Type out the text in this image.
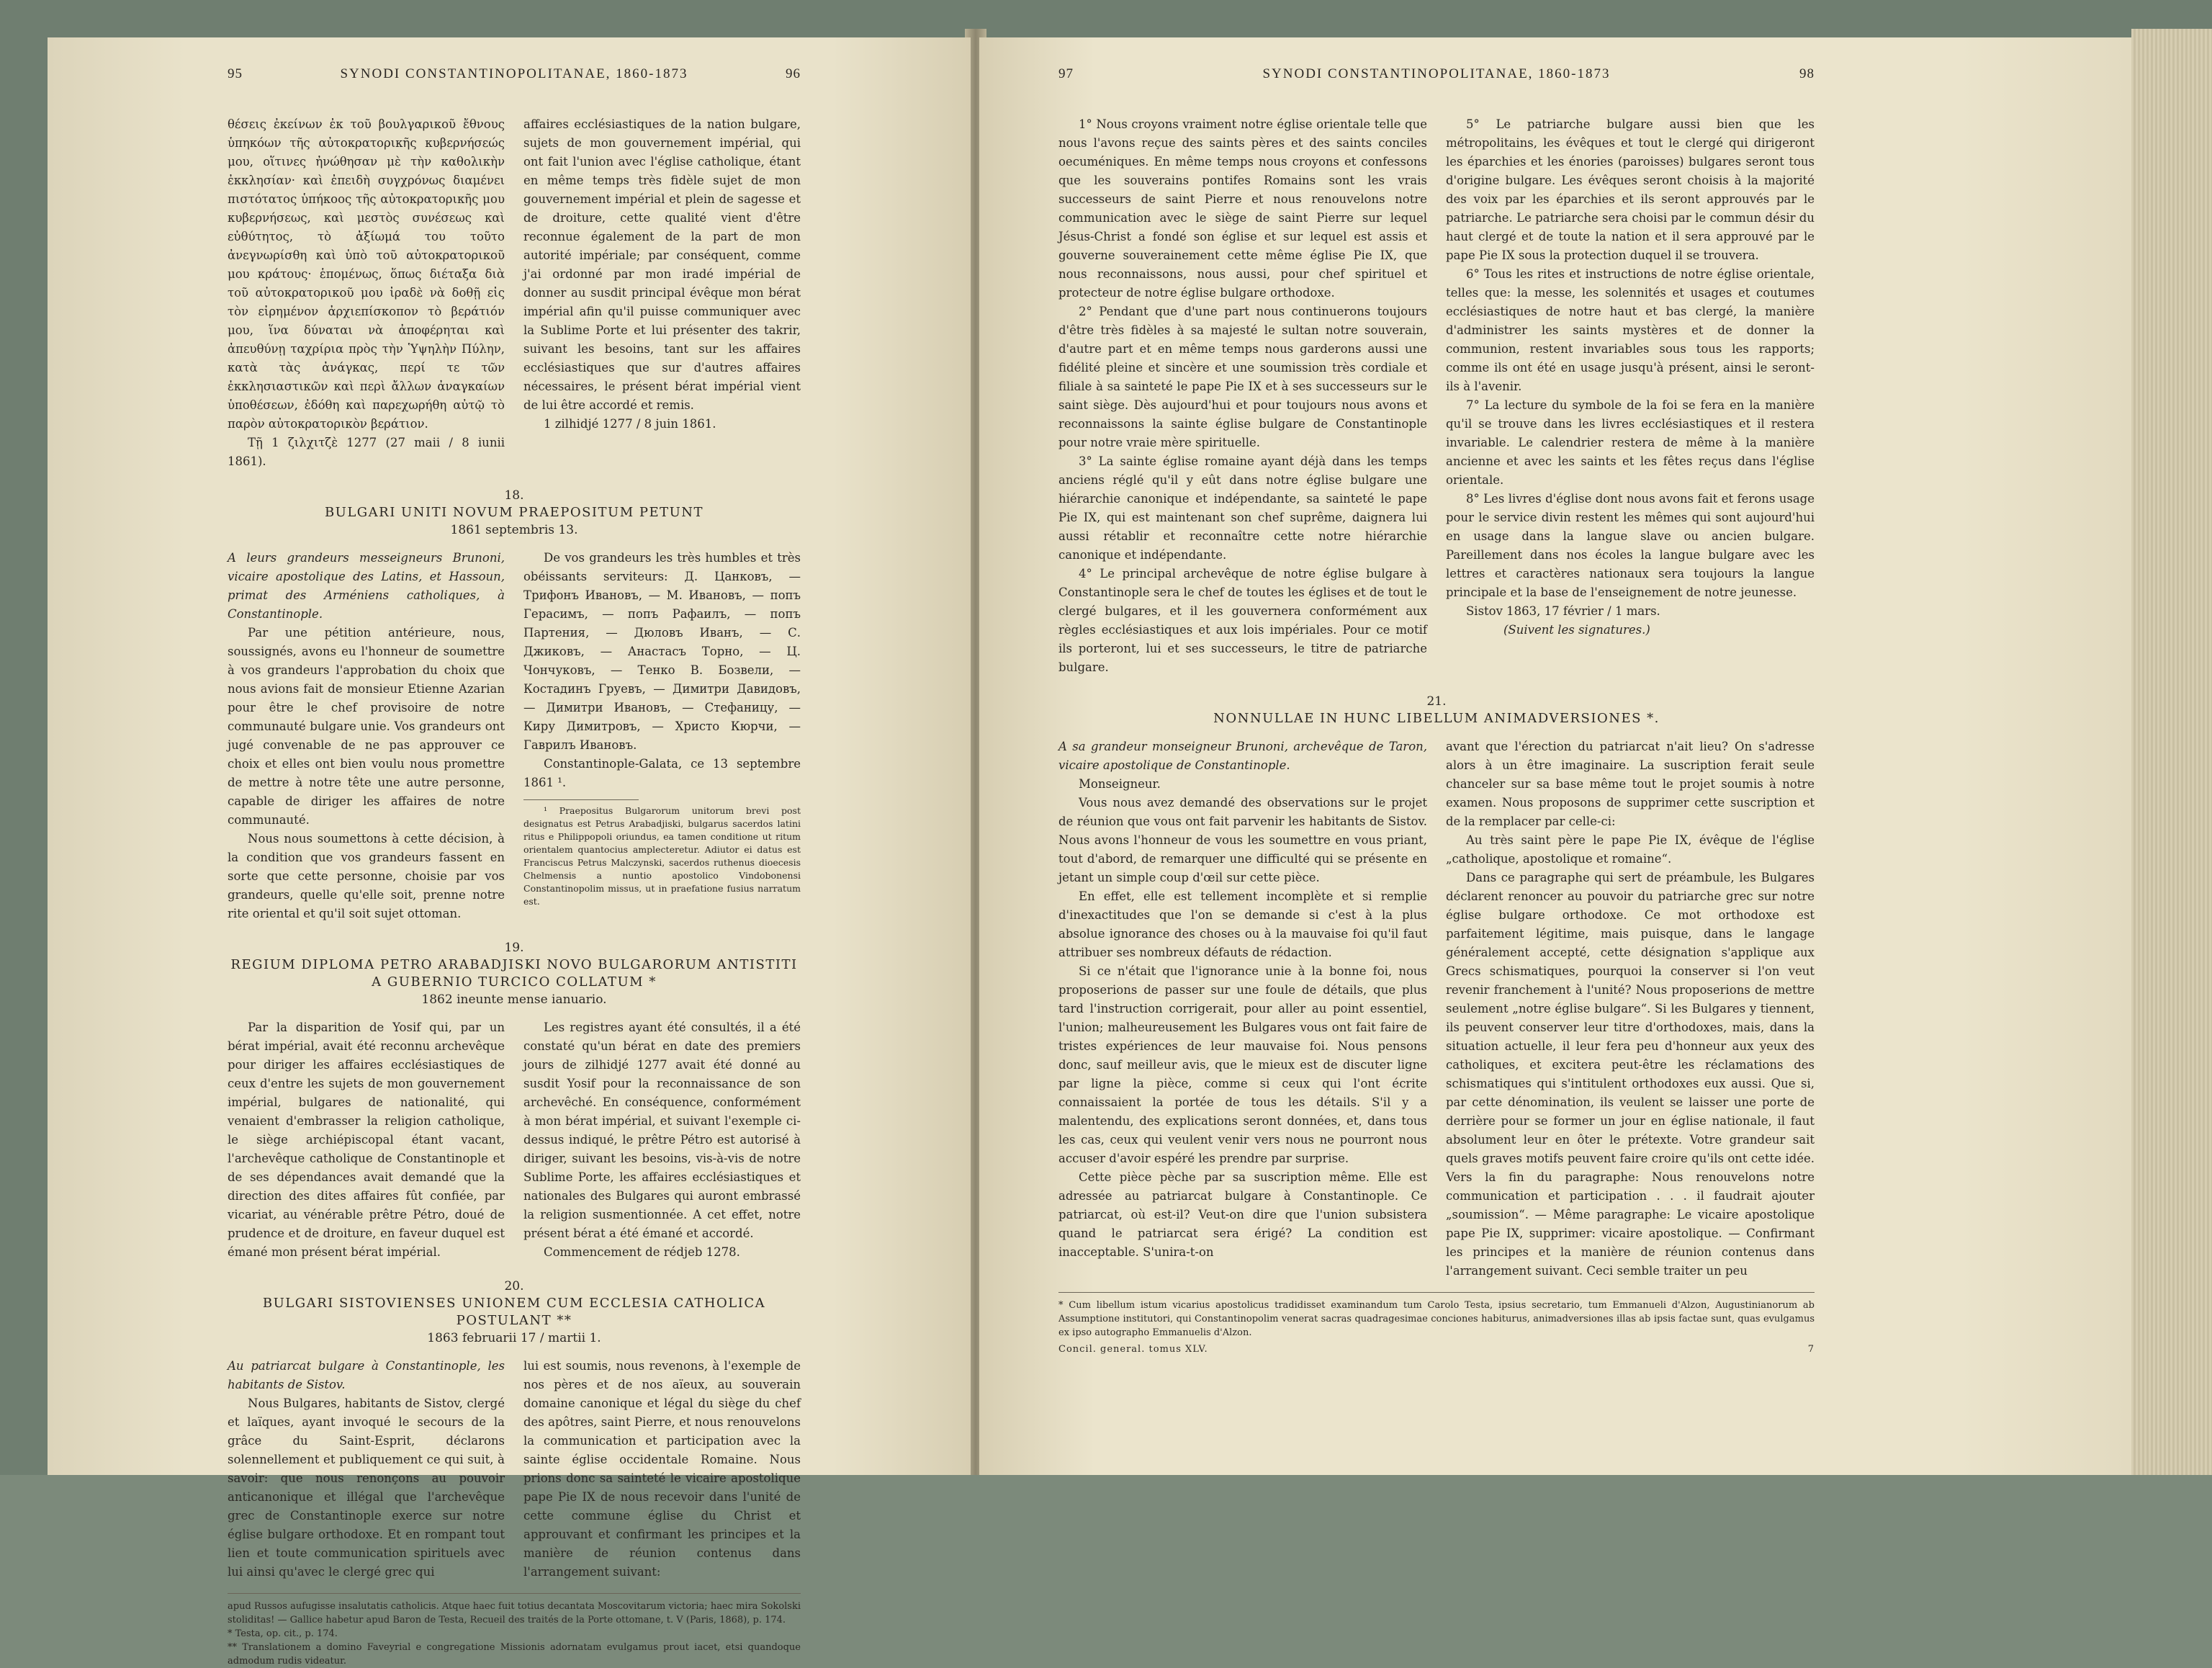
95	SYNODI CONSTANTINOPOLITANAE, 1860-1873	96

θέσεις ἐκείνων ἐκ τοῦ βουλγαρικοῦ ἔθνους ὑπηκόων τῆς αὐτοκρατορικῆς κυβερνήσεώς μου, οἵτινες ἠνώθησαν μὲ τὴν καθολικὴν ἐκκλησίαν· καὶ ἐπειδὴ συγχρόνως διαμένει πιστότατος ὑπήκοος τῆς αὐτοκρατορικῆς μου κυβερνήσεως, καὶ μεστὸς συνέσεως καὶ εὐθύτητος, τὸ ἀξίωμά του τοῦτο ἀνεγνωρίσθη καὶ ὑπὸ τοῦ αὐτοκρατορικοῦ μου κράτους· ἑπομένως, ὅπως διέταξα διὰ τοῦ αὐτοκρατορικοῦ μου ἰραδὲ νὰ δοθῇ εἰς τὸν εἰρημένον ἀρχιεπίσκοπον τὸ βεράτιόν μου, ἵνα δύναται νὰ ἀποφέρηται καὶ ἀπευθύνῃ ταχρίρια πρὸς τὴν Ὑψηλὴν Πύλην, κατὰ τὰς ἀνάγκας, περί τε τῶν ἐκκλησιαστικῶν καὶ περὶ ἄλλων ἀναγκαίων ὑποθέσεων, ἐδόθη καὶ παρεχωρήθη αὐτῷ τὸ παρὸν αὐτοκρατορικὸν βεράτιον.

Τῇ 1 ζιλχιτζὲ 1277 (27 maii / 8 iunii 1861).

affaires ecclésiastiques de la nation bulgare, sujets de mon gouvernement impérial, qui ont fait l'union avec l'église catholique, étant en même temps très fidèle sujet de mon gouvernement impérial et plein de sagesse et de droiture, cette qualité vient d'être reconnue également de la part de mon autorité impériale; par conséquent, comme j'ai ordonné par mon iradé impérial de donner au susdit principal évêque mon bérat impérial afin qu'il puisse communiquer avec la Sublime Porte et lui présenter des takrir, suivant les besoins, tant sur les affaires ecclésiastiques que sur d'autres affaires nécessaires, le présent bérat impérial vient de lui être accordé et remis.

1 zilhidjé 1277 / 8 juin 1861.

18.
BULGARI UNITI NOVUM PRAEPOSITUM PETUNT
1861 septembris 13.

A leurs grandeurs messeigneurs Brunoni, vicaire apostolique des Latins, et Hassoun, primat des Arméniens catholiques, à Constantinople.

Par une pétition antérieure, nous, soussignés, avons eu l'honneur de soumettre à vos grandeurs l'approbation du choix que nous avions fait de monsieur Etienne Azarian pour être le chef provisoire de notre communauté bulgare unie. Vos grandeurs ont jugé convenable de ne pas approuver ce choix et elles ont bien voulu nous promettre de mettre à notre tête une autre personne, capable de diriger les affaires de notre communauté.

Nous nous soumettons à cette décision, à la condition que vos grandeurs fassent en sorte que cette personne, choisie par vos grandeurs, quelle qu'elle soit, prenne notre rite oriental et qu'il soit sujet ottoman.

De vos grandeurs les très humbles et très obéissants serviteurs: Д. Цанковъ, — Трифонъ Ивановъ, — М. Ивановъ, — попъ Герасимъ, — попъ Рафаилъ, — попъ Партения, — Дюловъ Иванъ, — С. Джиковъ, — Анастасъ Торно, — Ц. Чончуковъ, — Тенко В. Бозвели, — Костадинъ Груевъ, — Димитри Давидовъ, — Димитри Ивановъ, — Стефаницу, — Киру Димитровъ, — Христо Кюрчи, — Гаврилъ Ивановъ.

Constantinople-Galata, ce 13 septembre 1861 ¹.

¹ Praepositus Bulgarorum unitorum brevi post designatus est Petrus Arabadjiski, bulgarus sacerdos latini ritus e Philippopoli oriundus, ea tamen conditione ut ritum orientalem quantocius amplecteretur. Adiutor ei datus est Franciscus Petrus Malczynski, sacerdos ruthenus dioecesis Chelmensis a nuntio apostolico Vindobonensi Constantinopolim missus, ut in praefatione fusius narratum est.

19.
REGIUM DIPLOMA PETRO ARABADJISKI NOVO BULGARORUM ANTISTITI A GUBERNIO TURCICO COLLATUM *
1862 ineunte mense ianuario.

Par la disparition de Yosif qui, par un bérat impérial, avait été reconnu archevêque pour diriger les affaires ecclésiastiques de ceux d'entre les sujets de mon gouvernement impérial, bulgares de nationalité, qui venaient d'embrasser la religion catholique, le siège archiépiscopal étant vacant, l'archevêque catholique de Constantinople et de ses dépendances avait demandé que la direction des dites affaires fût confiée, par vicariat, au vénérable prêtre Pétro, doué de prudence et de droiture, en faveur duquel est émané mon présent bérat impérial.

Les registres ayant été consultés, il a été constaté qu'un bérat en date des premiers jours de zilhidjé 1277 avait été donné au susdit Yosif pour la reconnaissance de son archevêché. En conséquence, conformément à mon bérat impérial, et suivant l'exemple ci-dessus indiqué, le prêtre Pétro est autorisé à diriger, suivant les besoins, vis-à-vis de notre Sublime Porte, les affaires ecclésiastiques et nationales des Bulgares qui auront embrassé la religion susmentionnée. A cet effet, notre présent bérat a été émané et accordé.

Commencement de rédjeb 1278.

20.
BULGARI SISTOVIENSES UNIONEM CUM ECCLESIA CATHOLICA POSTULANT **
1863 februarii 17 / martii 1.

Au patriarcat bulgare à Constantinople, les habitants de Sistov.

Nous Bulgares, habitants de Sistov, clergé et laïques, ayant invoqué le secours de la grâce du Saint-Esprit, déclarons solennellement et publiquement ce qui suit, à savoir: que nous renonçons au pouvoir anticanonique et illégal que l'archevêque grec de Constantinople exerce sur notre église bulgare orthodoxe. Et en rompant tout lien et toute communication spirituels avec lui ainsi qu'avec le clergé grec qui

lui est soumis, nous revenons, à l'exemple de nos pères et de nos aïeux, au souverain domaine canonique et légal du siège du chef des apôtres, saint Pierre, et nous renouvelons la communication et participation avec la sainte église occidentale Romaine. Nous prions donc sa sainteté le vicaire apostolique pape Pie IX de nous recevoir dans l'unité de cette commune église du Christ et approuvant et confirmant les principes et la manière de réunion contenus dans l'arrangement suivant:

apud Russos aufugisse insalutatis catholicis. Atque haec fuit totius decantata Moscovitarum victoria; haec mira Sokolski stoliditas! — Gallice habetur apud Baron de Testa, Recueil des traités de la Porte ottomane, t. V (Paris, 1868), p. 174.
* Testa, op. cit., p. 174.
** Translationem a domino Faveyrial e congregatione Missionis adornatam evulgamus prout iacet, etsi quandoque admodum rudis videatur.
97	SYNODI CONSTANTINOPOLITANAE, 1860-1873	98

1° Nous croyons vraiment notre église orientale telle que nous l'avons reçue des saints pères et des saints conciles oecuméniques. En même temps nous croyons et confessons que les souverains pontifes Romains sont les vrais successeurs de saint Pierre et nous renouvelons notre communication avec le siège de saint Pierre sur lequel Jésus-Christ a fondé son église et sur lequel est assis et gouverne souverainement cette même église Pie IX, que nous reconnaissons, nous aussi, pour chef spirituel et protecteur de notre église bulgare orthodoxe.

2° Pendant que d'une part nous continuerons toujours d'être très fidèles à sa majesté le sultan notre souverain, d'autre part et en même temps nous garderons aussi une fidélité pleine et sincère et une soumission très cordiale et filiale à sa sainteté le pape Pie IX et à ses successeurs sur le saint siège. Dès aujourd'hui et pour toujours nous avons et reconnaissons la sainte église bulgare de Constantinople pour notre vraie mère spirituelle.

3° La sainte église romaine ayant déjà dans les temps anciens réglé qu'il y eût dans notre église bulgare une hiérarchie canonique et indépendante, sa sainteté le pape Pie IX, qui est maintenant son chef suprême, daignera lui aussi rétablir et reconnaître cette notre hiérarchie canonique et indépendante.

4° Le principal archevêque de notre église bulgare à Constantinople sera le chef de toutes les églises et de tout le clergé bulgares, et il les gouvernera conformément aux règles ecclésiastiques et aux lois impériales. Pour ce motif ils porteront, lui et ses successeurs, le titre de patriarche bulgare.

5° Le patriarche bulgare aussi bien que les métropolitains, les évêques et tout le clergé qui dirigeront les éparchies et les énories (paroisses) bulgares seront tous d'origine bulgare. Les évêques seront choisis à la majorité des voix par les éparchies et ils seront approuvés par le patriarche. Le patriarche sera choisi par le commun désir du haut clergé et de toute la nation et il sera approuvé par le pape Pie IX sous la protection duquel il se trouvera.

6° Tous les rites et instructions de notre église orientale, telles que: la messe, les solennités et usages et coutumes ecclésiastiques de notre haut et bas clergé, la manière d'administrer les saints mystères et de donner la communion, restent invariables sous tous les rapports; comme ils ont été en usage jusqu'à présent, ainsi le seront-ils à l'avenir.

7° La lecture du symbole de la foi se fera en la manière qu'il se trouve dans les livres ecclésiastiques et il restera invariable. Le calendrier restera de même à la manière ancienne et avec les saints et les fêtes reçus dans l'église orientale.

8° Les livres d'église dont nous avons fait et ferons usage pour le service divin restent les mêmes qui sont aujourd'hui en usage dans la langue slave ou ancien bulgare. Pareillement dans nos écoles la langue bulgare avec les lettres et caractères nationaux sera toujours la langue principale et la base de l'enseignement de notre jeunesse.

Sistov 1863, 17 février / 1 mars.

(Suivent les signatures.)

21.
NONNULLAE IN HUNC LIBELLUM ANIMADVERSIONES *.

A sa grandeur monseigneur Brunoni, archevêque de Taron, vicaire apostolique de Constantinople.

Monseigneur.

Vous nous avez demandé des observations sur le projet de réunion que vous ont fait parvenir les habitants de Sistov. Nous avons l'honneur de vous les soumettre en vous priant, tout d'abord, de remarquer une difficulté qui se présente en jetant un simple coup d'œil sur cette pièce.

En effet, elle est tellement incomplète et si remplie d'inexactitudes que l'on se demande si c'est à la plus absolue ignorance des choses ou à la mauvaise foi qu'il faut attribuer ses nombreux défauts de rédaction.

Si ce n'était que l'ignorance unie à la bonne foi, nous proposerions de passer sur une foule de détails, que plus tard l'instruction corrigerait, pour aller au point essentiel, l'union; malheureusement les Bulgares vous ont fait faire de tristes expériences de leur mauvaise foi. Nous pensons donc, sauf meilleur avis, que le mieux est de discuter ligne par ligne la pièce, comme si ceux qui l'ont écrite connaissaient la portée de tous les détails. S'il y a malentendu, des explications seront données, et, dans tous les cas, ceux qui veulent venir vers nous ne pourront nous accuser d'avoir espéré les prendre par surprise.

Cette pièce pèche par sa suscription même. Elle est adressée au patriarcat bulgare à Constantinople. Ce patriarcat, où est-il? Veut-on dire que l'union subsistera quand le patriarcat sera érigé? La condition est inacceptable. S'unira-t-on

avant que l'érection du patriarcat n'ait lieu? On s'adresse alors à un être imaginaire. La suscription ferait seule chanceler sur sa base même tout le projet soumis à notre examen. Nous proposons de supprimer cette suscription et de la remplacer par celle-ci:

Au très saint père le pape Pie IX, évêque de l'église „catholique, apostolique et romaine“.

Dans ce paragraphe qui sert de préambule, les Bulgares déclarent renoncer au pouvoir du patriarche grec sur notre église bulgare orthodoxe. Ce mot orthodoxe est parfaitement légitime, mais puisque, dans le langage généralement accepté, cette désignation s'applique aux Grecs schismatiques, pourquoi la conserver si l'on veut revenir franchement à l'unité? Nous proposerions de mettre seulement „notre église bulgare“. Si les Bulgares y tiennent, ils peuvent conserver leur titre d'orthodoxes, mais, dans la situation actuelle, il leur fera peu d'honneur aux yeux des catholiques, et excitera peut-être les réclamations des schismatiques qui s'intitulent orthodoxes eux aussi. Que si, par cette dénomination, ils veulent se laisser une porte de derrière pour se former un jour en église nationale, il faut absolument leur en ôter le prétexte. Votre grandeur sait quels graves motifs peuvent faire croire qu'ils ont cette idée. Vers la fin du paragraphe: Nous renouvelons notre communication et participation . . . il faudrait ajouter „soumission“. — Même paragraphe: Le vicaire apostolique pape Pie IX, supprimer: vicaire apostolique. — Confirmant les principes et la manière de réunion contenus dans l'arrangement suivant. Ceci semble traiter un peu

* Cum libellum istum vicarius apostolicus tradidisset examinandum tum Carolo Testa, ipsius secretario, tum Emmanueli d'Alzon, Augustinianorum ab Assumptione institutori, qui Constantinopolim venerat sacras quadragesimae conciones habiturus, animadversiones illas ab ipsis factae sunt, quas evulgamus ex ipso autographo Emmanuelis d'Alzon.
Concil. general. tomus XLV.	7
